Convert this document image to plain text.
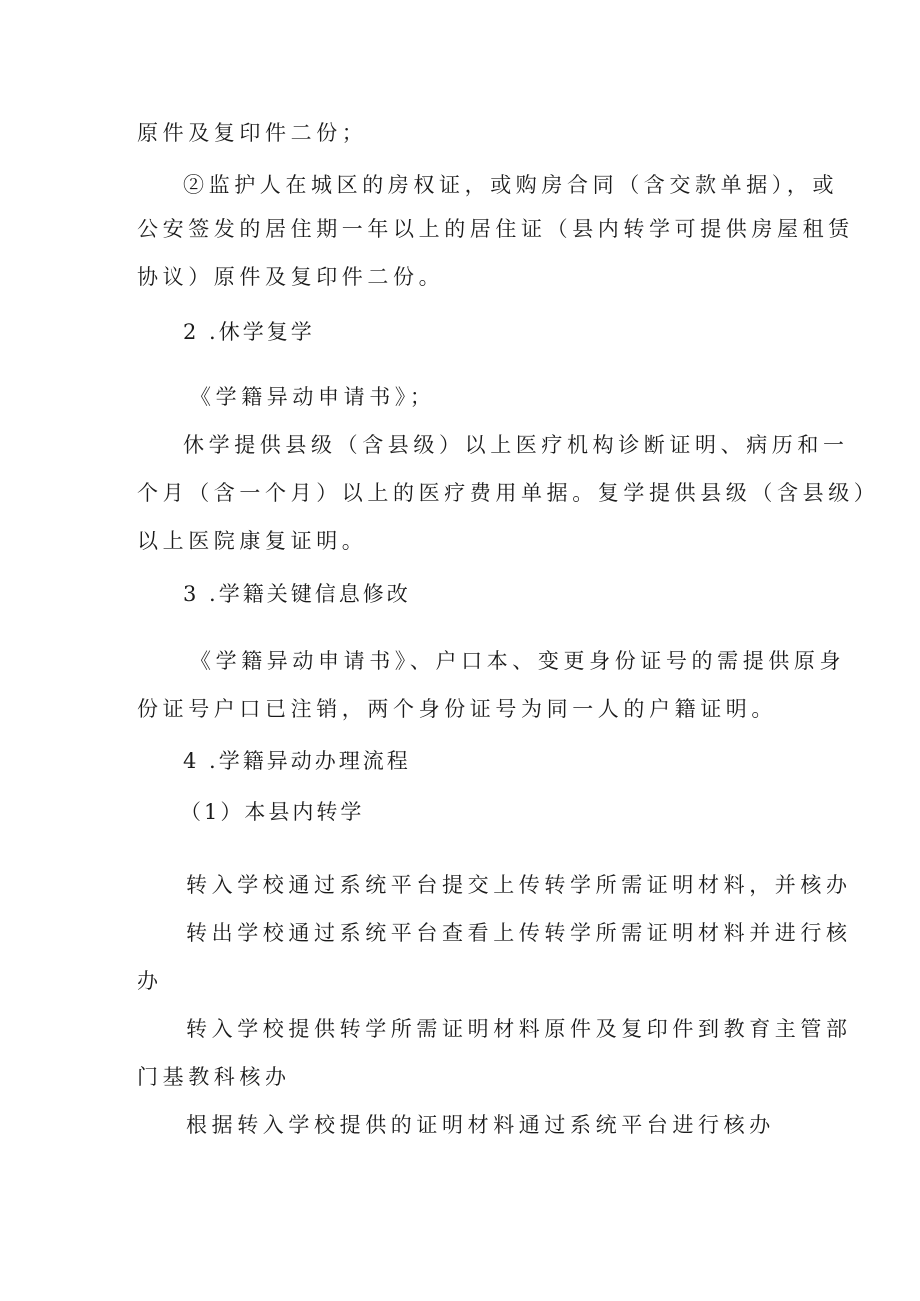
原件及复印件二份；
②监护人在城区的房权证，或购房合同（含交款单据），或
公安签发的居住期一年以上的居住证（县内转学可提供房屋租赁
协议）原件及复印件二份。
2 .休学复学
《学籍异动申请书》；
休学提供县级（含县级）以上医疗机构诊断证明、病历和一
个月（含一个月）以上的医疗费用单据。复学提供县级（含县级）
以上医院康复证明。
3 .学籍关键信息修改
《学籍异动申请书》、户口本、变更身份证号的需提供原身
份证号户口已注销，两个身份证号为同一人的户籍证明。
4 .学籍异动办理流程
（1）本县内转学
转入学校通过系统平台提交上传转学所需证明材料，并核办
转出学校通过系统平台查看上传转学所需证明材料并进行核
办
转入学校提供转学所需证明材料原件及复印件到教育主管部
门基教科核办
根据转入学校提供的证明材料通过系统平台进行核办
